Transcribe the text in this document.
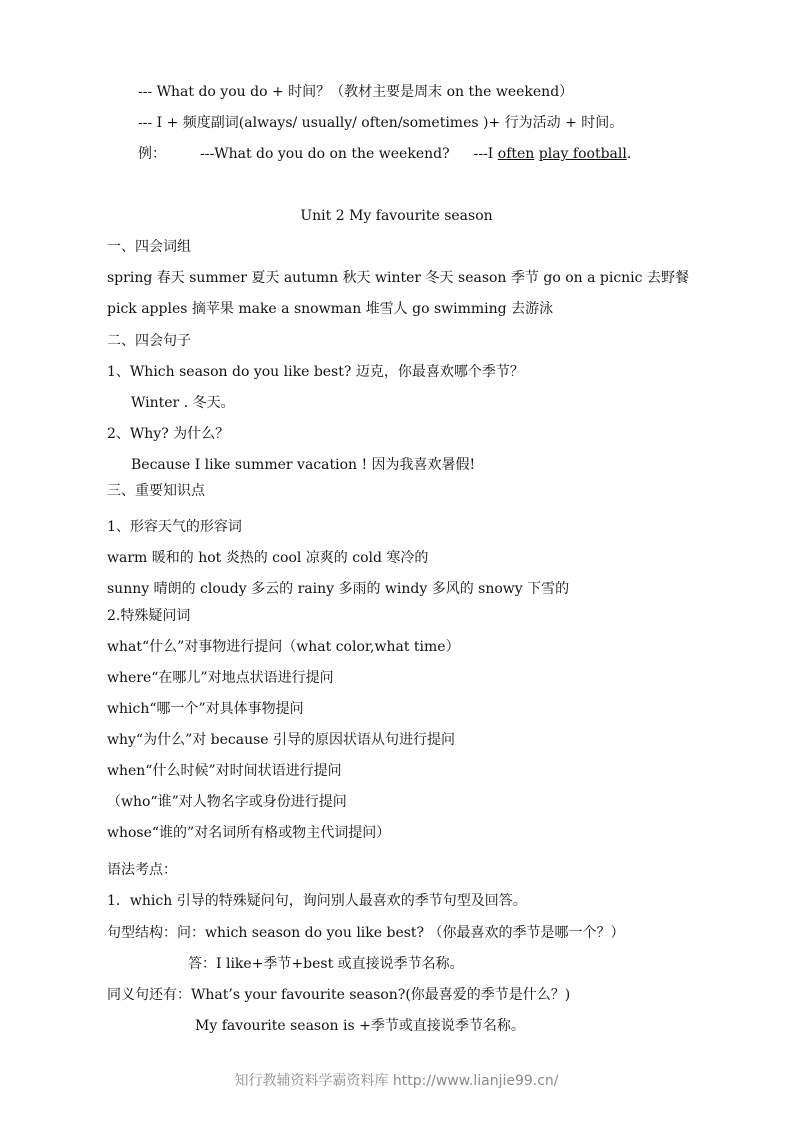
--- What do you do + 时间？（教材主要是周末 on the weekend）
--- I + 频度副词(always/ usually/ often/sometimes )+ 行为活动 + 时间。
例： ---What do you do on the weekend? ---I often play football.
Unit 2 My favourite season
一、四会词组
spring 春天 summer 夏天 autumn 秋天 winter 冬天 season 季节 go on a picnic 去野餐
pick apples 摘苹果 make a snowman 堆雪人 go swimming 去游泳
二、四会句子
1、Which season do you like best? 迈克，你最喜欢哪个季节？
Winter . 冬天。
2、Why? 为什么？
Because I like summer vacation ! 因为我喜欢暑假!
三、重要知识点
1、形容天气的形容词
warm 暖和的 hot 炎热的 cool 凉爽的 cold 寒冷的
sunny 晴朗的 cloudy 多云的 rainy 多雨的 windy 多风的 snowy 下雪的
2.特殊疑问词
what“什么”对事物进行提问（what color,what time）
where“在哪儿”对地点状语进行提问
which“哪一个”对具体事物提问
why“为什么”对 because 引导的原因状语从句进行提问
when“什么时候”对时间状语进行提问
（who“谁”对人物名字或身份进行提问
whose“谁的”对名词所有格或物主代词提问）
语法考点：
1．which 引导的特殊疑问句，询问别人最喜欢的季节句型及回答。
句型结构：问：which season do you like best? （你最喜欢的季节是哪一个？）
答：I like+季节+best 或直接说季节名称。
同义句还有：What’s your favourite season?(你最喜爱的季节是什么？)
My favourite season is +季节或直接说季节名称。
知行教辅资料学霸资料库 http://www.lianjie99.cn/
